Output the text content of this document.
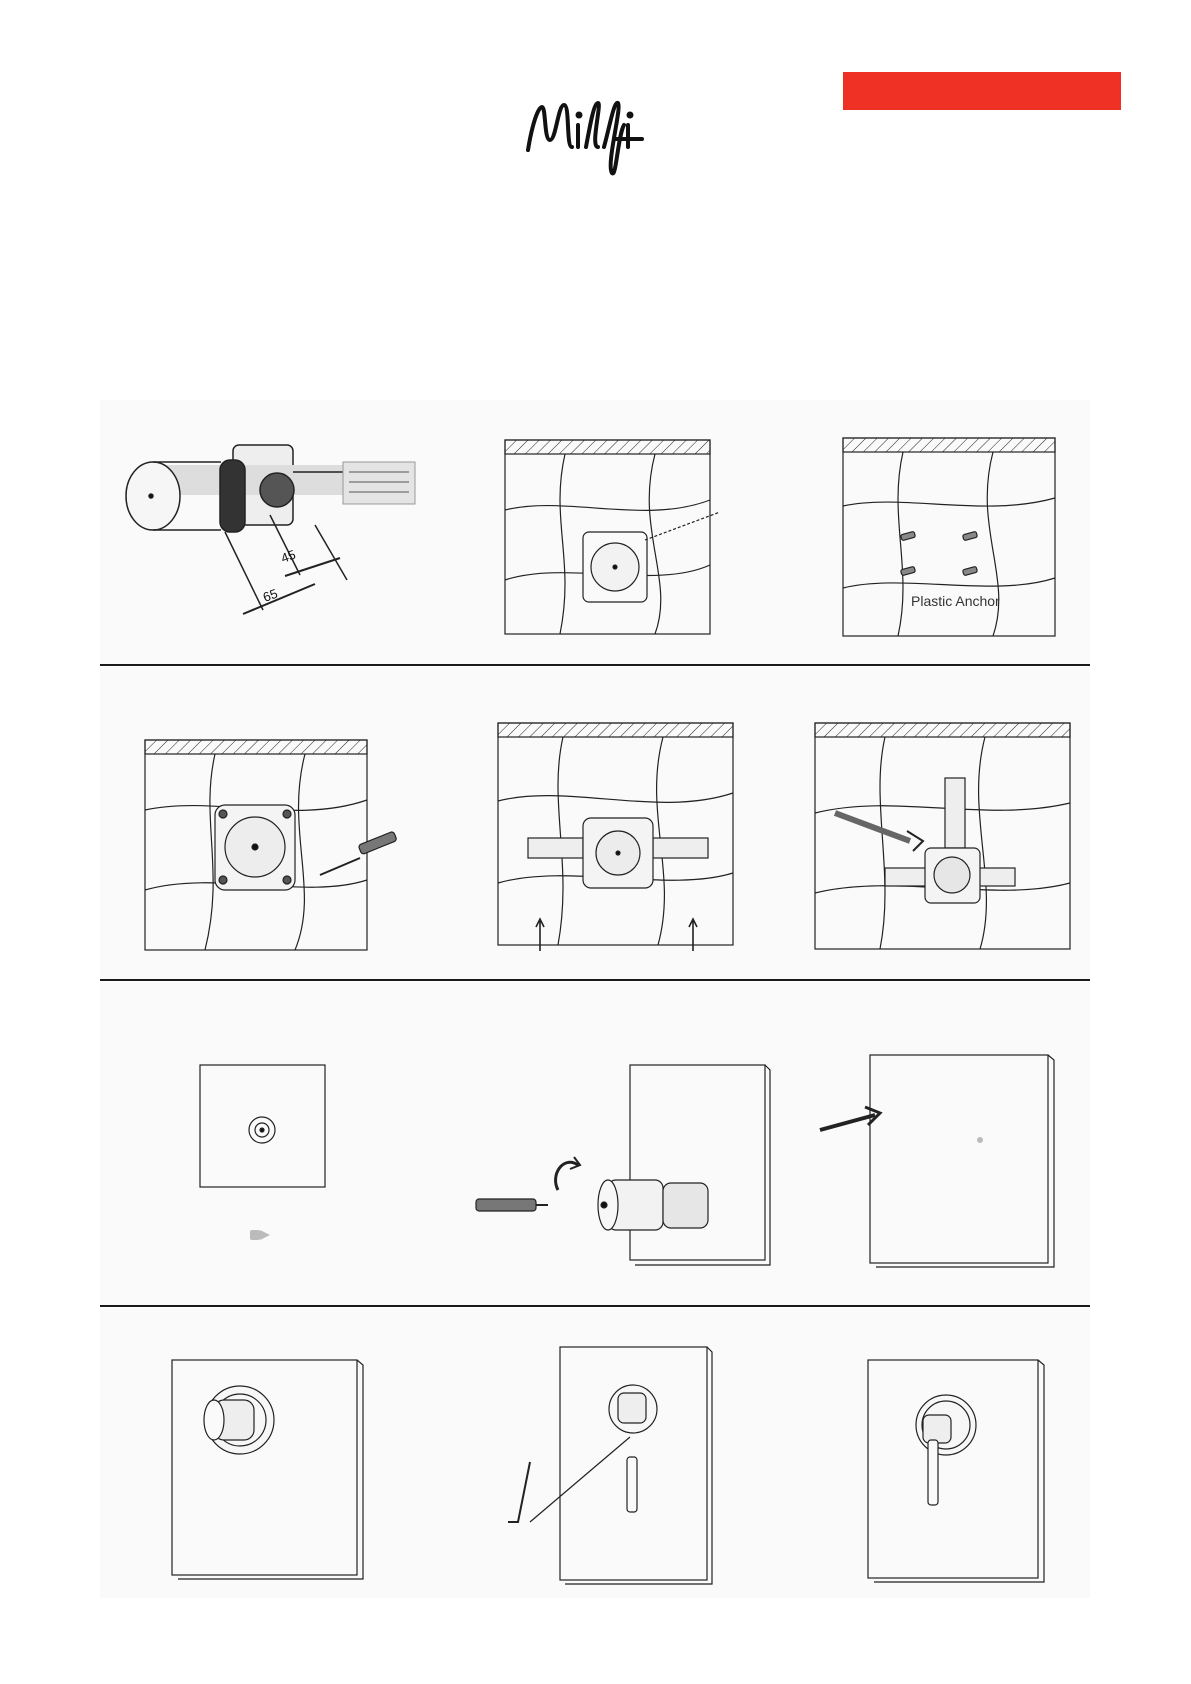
45
65	Plastic Anchor
